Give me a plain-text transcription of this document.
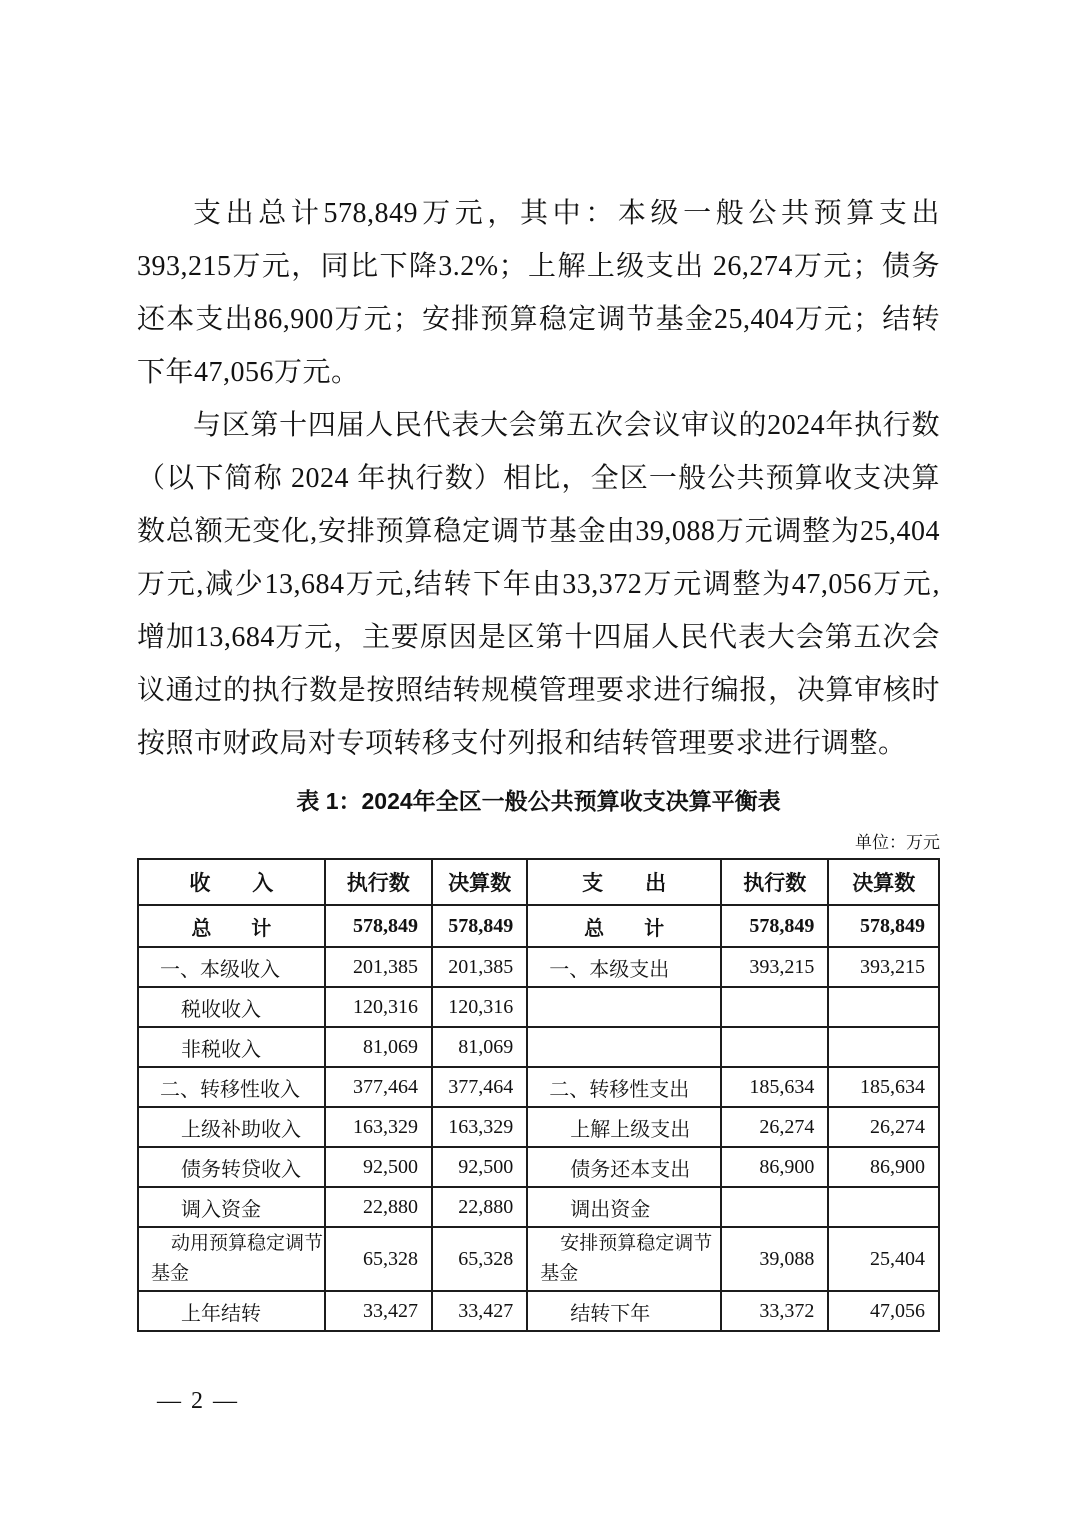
支出总计578,849万元，其中：本级一般公共预算支出393,215万元，同比下降3.2%；上解上级支出 26,274万元；债务还本支出86,900万元；安排预算稳定调节基金25,404万元；结转下年47,056万元。

与区第十四届人民代表大会第五次会议审议的2024年执行数（以下简称 2024 年执行数）相比，全区一般公共预算收支决算数总额无变化,安排预算稳定调节基金由39,088万元调整为25,404万元,减少13,684万元,结转下年由33,372万元调整为47,056万元,增加13,684万元，主要原因是区第十四届人民代表大会第五次会议通过的执行数是按照结转规模管理要求进行编报，决算审核时按照市财政局对专项转移支付列报和结转管理要求进行调整。

表 1：2024年全区一般公共预算收支决算平衡表
单位：万元
收　　入	执行数	决算数	支　　出	执行数	决算数
总　　计	578,849	578,849	总　　计	578,849	578,849
一、本级收入	201,385	201,385	一、本级支出	393,215	393,215
税收收入	120,316	120,316			
非税收入	81,069	81,069			
二、转移性收入	377,464	377,464	二、转移性支出	185,634	185,634
上级补助收入	163,329	163,329	上解上级支出	26,274	26,274
债务转贷收入	92,500	92,500	债务还本支出	86,900	86,900
调入资金	22,880	22,880	调出资金		
动用预算稳定调节基金	65,328	65,328	安排预算稳定调节基金	39,088	25,404
上年结转	33,427	33,427	结转下年	33,372	47,056
— 2 —
